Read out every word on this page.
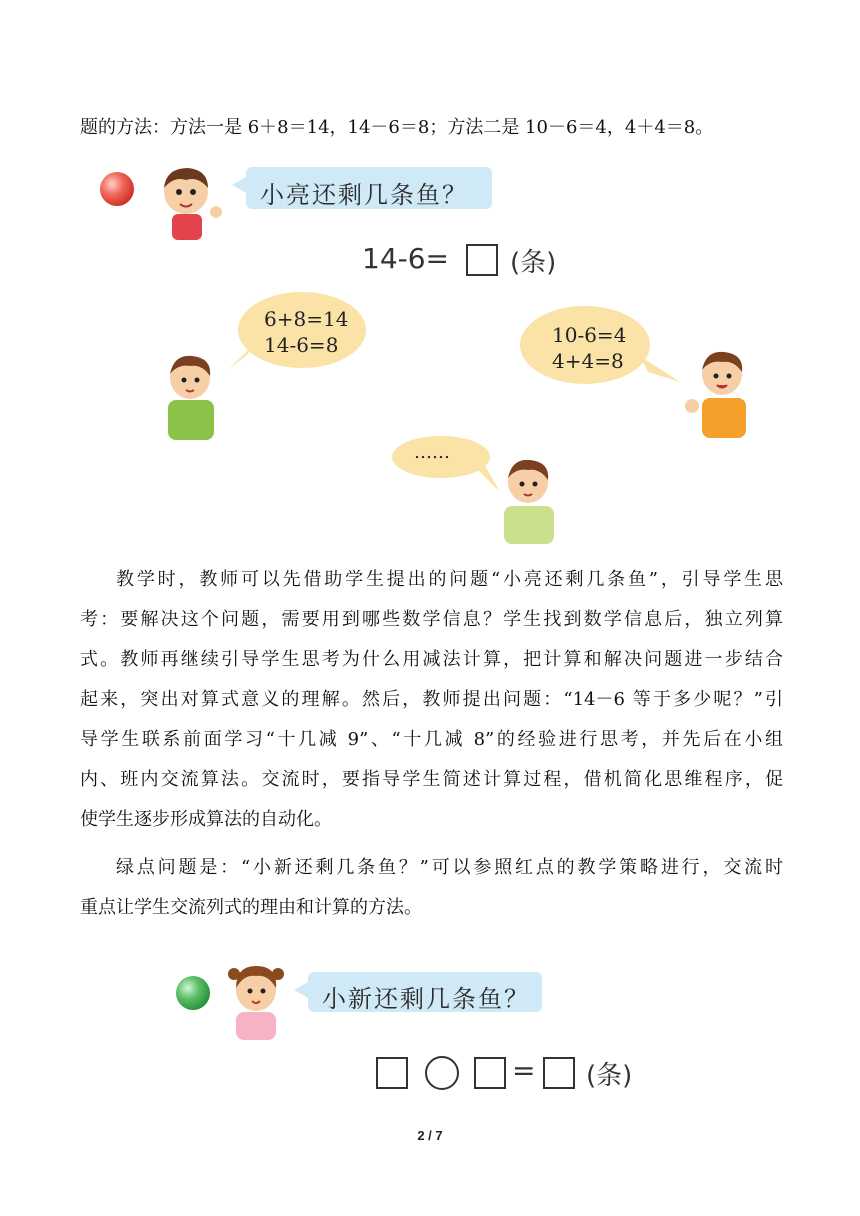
题的方法：方法一是 6＋8＝14，14－6＝8；方法二是 10－6＝4，4＋4＝8。
小亮还剩几条鱼？
14-6= (条)
6+8=14
14-6=8	10-6=4
4+4=8
……
教学时，教师可以先借助学生提出的问题“小亮还剩几条鱼”，引导学生思
考：要解决这个问题，需要用到哪些数学信息？学生找到数学信息后，独立列算
式。教师再继续引导学生思考为什么用减法计算，把计算和解决问题进一步结合
起来，突出对算式意义的理解。然后，教师提出问题：“14－6 等于多少呢？”引
导学生联系前面学习“十几减 9”、“十几减 8”的经验进行思考，并先后在小组
内、班内交流算法。交流时，要指导学生简述计算过程，借机简化思维程序，促
使学生逐步形成算法的自动化。
绿点问题是：“小新还剩几条鱼？”可以参照红点的教学策略进行，交流时
重点让学生交流列式的理由和计算的方法。
小新还剩几条鱼？
= (条)
2 / 7
